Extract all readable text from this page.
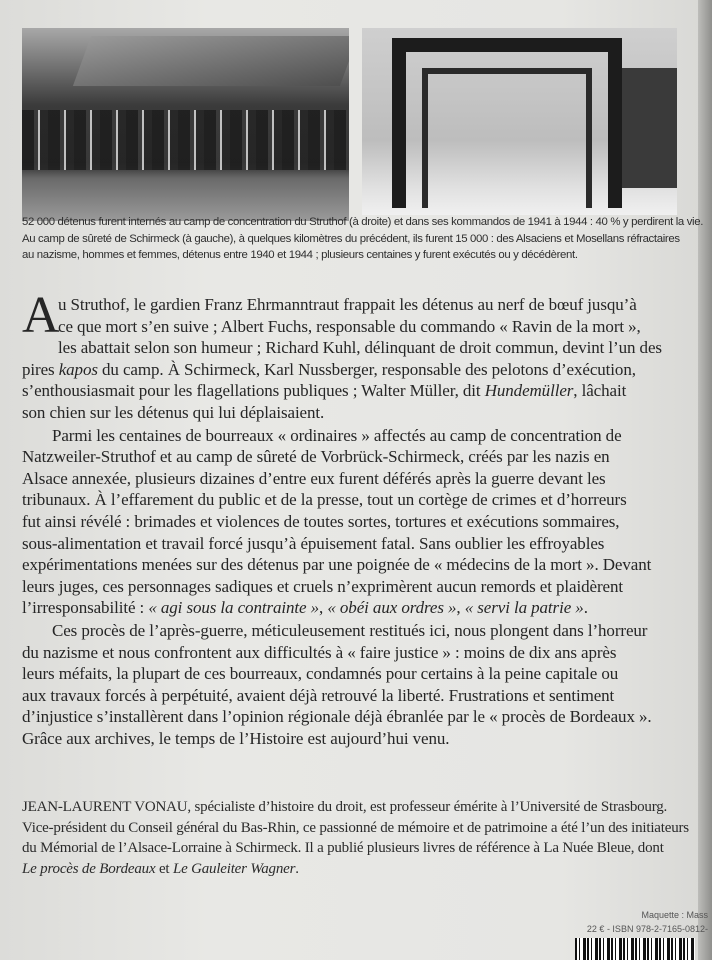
52 000 détenus furent internés au camp de concentration du Struthof (à droite) et dans ses kommandos de 1941 à 1944 : 40 % y perdirent la vie.
Au camp de sûreté de Schirmeck (à gauche), à quelques kilomètres du précédent, ils furent 15 000 : des Alsaciens et Mosellans réfractaires
au nazisme, hommes et femmes, détenus entre 1940 et 1944 ; plusieurs centaines y furent exécutés ou y décédèrent.
A
u Struthof, le gardien Franz Ehrmanntraut frappait les détenus au nerf de bœuf jusqu’à
ce que mort s’en suive ; Albert Fuchs, responsable du commando « Ravin de la mort »,
les abattait selon son humeur ; Richard Kuhl, délinquant de droit commun, devint l’un des
pires kapos du camp. À Schirmeck, Karl Nussberger, responsable des pelotons d’exécution,
s’enthousiasmait pour les flagellations publiques ; Walter Müller, dit Hundemüller, lâchait
son chien sur les détenus qui lui déplaisaient.
Parmi les centaines de bourreaux « ordinaires » affectés au camp de concentration de
Natzweiler-Struthof et au camp de sûreté de Vorbrück-Schirmeck, créés par les nazis en
Alsace annexée, plusieurs dizaines d’entre eux furent déférés après la guerre devant les
tribunaux. À l’effarement du public et de la presse, tout un cortège de crimes et d’horreurs
fut ainsi révélé : brimades et violences de toutes sortes, tortures et exécutions sommaires,
sous-alimentation et travail forcé jusqu’à épuisement fatal. Sans oublier les effroyables
expérimentations menées sur des détenus par une poignée de « médecins de la mort ». Devant
leurs juges, ces personnages sadiques et cruels n’exprimèrent aucun remords et plaidèrent
l’irresponsabilité : « agi sous la contrainte », « obéi aux ordres », « servi la patrie ».
Ces procès de l’après-guerre, méticuleusement restitués ici, nous plongent dans l’horreur
du nazisme et nous confrontent aux difficultés à « faire justice » : moins de dix ans après
leurs méfaits, la plupart de ces bourreaux, condamnés pour certains à la peine capitale ou
aux travaux forcés à perpétuité, avaient déjà retrouvé la liberté. Frustrations et sentiment
d’injustice s’installèrent dans l’opinion régionale déjà ébranlée par le « procès de Bordeaux ».
Grâce aux archives, le temps de l’Histoire est aujourd’hui venu.
JEAN-LAURENT VONAU, spécialiste d’histoire du droit, est professeur émérite à l’Université de Strasbourg.
Vice-président du Conseil général du Bas-Rhin, ce passionné de mémoire et de patrimoine a été l’un des initiateurs
du Mémorial de l’Alsace-Lorraine à Schirmeck. Il a publié plusieurs livres de référence à La Nuée Bleue, dont
Le procès de Bordeaux et Le Gauleiter Wagner.
Maquette : Mass
22 € - ISBN 978-2-7165-0812-
